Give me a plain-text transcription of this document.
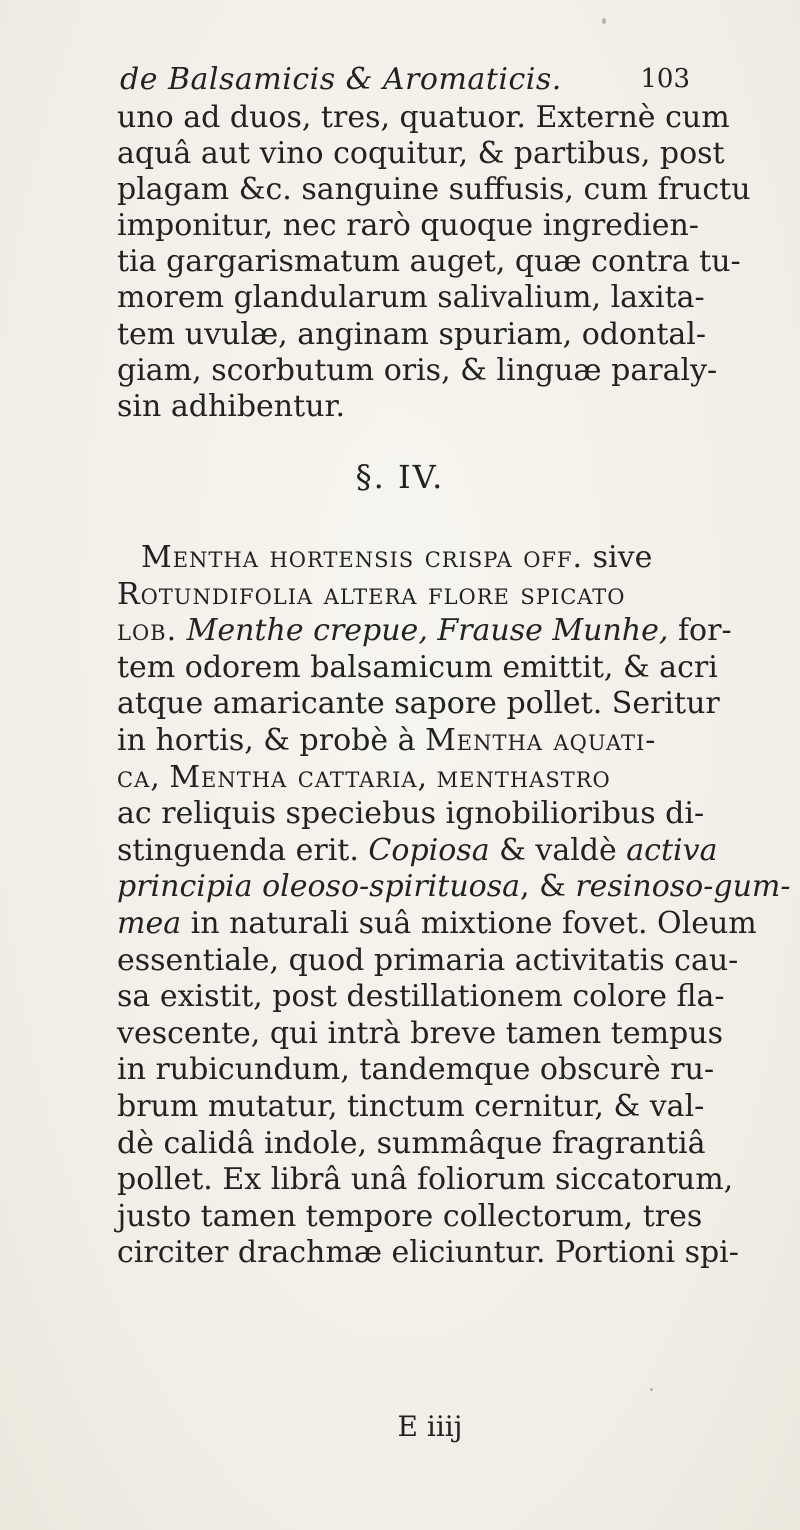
de Balsamicis & Aromaticis.	103
uno ad duos, tres, quatuor. Externè cum
aquâ aut vino coquitur, & partibus, post
plagam &c. sanguine suffusis, cum fructu
imponitur, nec rarò quoque ingredien-
tia gargarismatum auget, quæ contra tu-
morem glandularum salivalium, laxita-
tem uvulæ, anginam spuriam, odontal-
giam, scorbutum oris, & linguæ paraly-
sin adhibentur.
§. IV.
Mentha hortensis crispa off. sive
Rotundifolia altera flore spicato
lob. Menthe crepue, Frause Munhe, for-
tem odorem balsamicum emittit, & acri
atque amaricante sapore pollet. Seritur
in hortis, & probè à Mentha aquati-
ca, Mentha cattaria, menthastro
ac reliquis speciebus ignobilioribus di-
stinguenda erit. Copiosa & valdè activa
principia oleoso-spirituosa, & resinoso-gum-
mea in naturali suâ mixtione fovet. Oleum
essentiale, quod primaria activitatis cau-
sa existit, post destillationem colore fla-
vescente, qui intrà breve tamen tempus
in rubicundum, tandemque obscurè ru-
brum mutatur, tinctum cernitur, & val-
dè calidâ indole, summâque fragrantiâ
pollet. Ex librâ unâ foliorum siccatorum,
justo tamen tempore collectorum, tres
circiter drachmæ eliciuntur. Portioni spi-
E iiij
